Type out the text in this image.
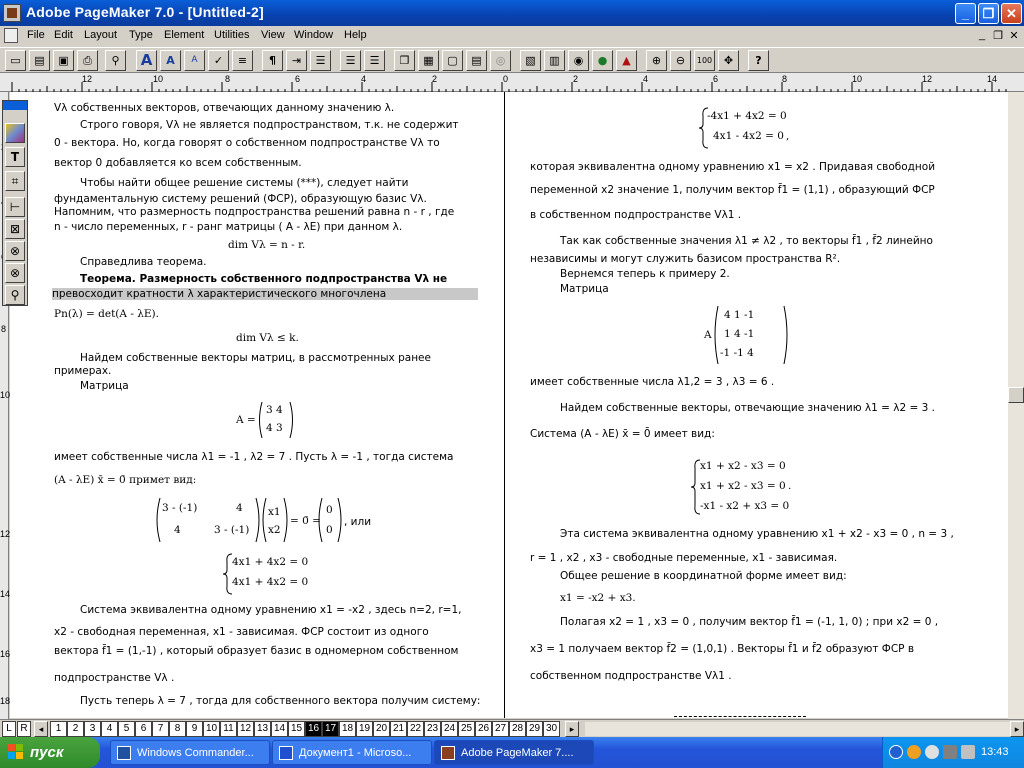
Adobe PageMaker 7.0 - [Untitled-2]	_	❐ ✕
File Edit Layout Type Element Utilities View Window Help	_ ❐ ✕
▭	▤	▣	⎙	⚲	A	A	A	✓	≡	¶	⇥	☰	☰	☰	❐	▦	▢	▤	◎	▧	▥	◉	●	▲	⊕	⊖	100	✥	?
12	10	8	6	4	2	0	2	4	6	8	10	12	14
8
10
12
14
16
18
Vλ собственных векторов, отвечающих данному значению λ.
Строго говоря, Vλ не является подпространством, т.к. не содержит
0 - вектора. Но, когда говорят о собственном подпространстве Vλ то
вектор 0 добавляется ко всем собственным.
Чтобы найти общее решение системы (***), следует найти
фундаментальную систему решений (ФСР), образующую базис Vλ.
Напомним, что размерность подпространства решений равна n - r , где
n - число переменных, r - ранг матрицы ( A - λE) при данном λ.
dim Vλ = n - r.
Справедлива теорема.
Теорема. Размерность собственного подпространства Vλ не
превосходит кратности λ характеристического многочлена
Pn(λ) = det(A - λE).
dim Vλ ≤ k.
Найдем собственные векторы матриц, в рассмотренных ранее
примерах.
Матрица
A =
3 4
4 3
имеет собственные числа λ1 = -1 , λ2 = 7 . Пусть λ = -1 , тогда система
(A - λE) x̄ = 0̄ примет вид:
3 - (-1)	4
4	3 - (-1)
x1
x2
= 0̄ =
0
0
, или
4x1 + 4x2 = 0
4x1 + 4x2 = 0
Система эквивалентна одному уравнению x1 = -x2 , здесь n=2, r=1,
x2 - свободная переменная, x1 - зависимая. ФСР состоит из одного
вектора f̄1 = (1,-1) , который образует базис в одномерном собственном
подпространстве Vλ .
Пусть теперь λ = 7 , тогда для собственного вектора получим систему:
-4x1 + 4x2 = 0
4x1 - 4x2 = 0 ,
которая эквивалентна одному уравнению x1 = x2 . Придавая свободной
переменной x2 значение 1, получим вектор f̄1 = (1,1) , образующий ФСР
в собственном подпространстве Vλ1 .
Так как собственные значения λ1 ≠ λ2 , то векторы f̄1 , f̄2 линейно
независимы и могут служить базисом пространства R².
Вернемся теперь к примеру 2.
Матрица
A
4 1 -1
1 4 -1
-1 -1 4
имеет собственные числа λ1,2 = 3 , λ3 = 6 .
Найдем собственные векторы, отвечающие значению λ1 = λ2 = 3 .
Система (A - λE) x̄ = 0̄ имеет вид:
x1 + x2 - x3 = 0
x1 + x2 - x3 = 0
-x1 - x2 + x3 = 0
.
Эта система эквивалентна одному уравнению x1 + x2 - x3 = 0 , n = 3 ,
r = 1 , x2 , x3 - свободные переменные, x1 - зависимая.
Общее решение в координатной форме имеет вид:
x1 = -x2 + x3.
Полагая x2 = 1 , x3 = 0 , получим вектор f̄1 = (-1, 1, 0) ; при x2 = 0 ,
x3 = 1 получаем вектор f̄2 = (1,0,1) . Векторы f̄1 и f̄2 образуют ФСР в
собственном подпространстве Vλ1 .
T
⌗
⊢
⊠
⊗
⊗
⚲
L R	◂	1	2	3	4	5	6	7	8	9 10 11 12 13 14 15 16 17 18 19 20 21 22 23 24 25 26 27 28 29 30	▸	▸
пуск	Windows Commander...	Документ1 - Microso...	Adobe PageMaker 7....	13:43
